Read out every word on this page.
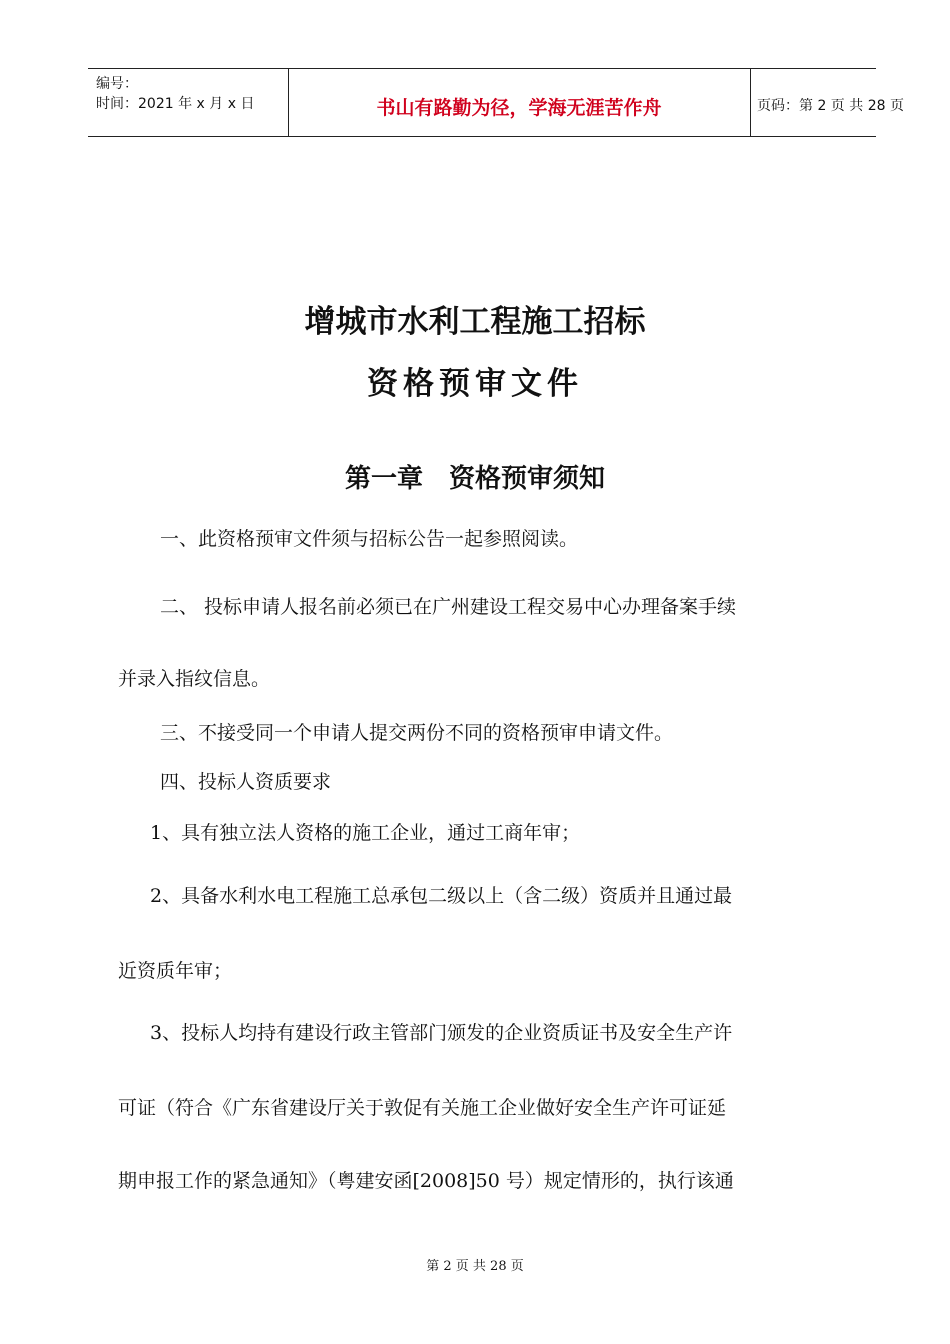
编号：
时间：2021 年 x 月 x 日	书山有路勤为径，学海无涯苦作舟	页码：第 2 页 共 28 页
增城市水利工程施工招标
资格预审文件
第一章　资格预审须知
一、此资格预审文件须与招标公告一起参照阅读。
二、 投标申请人报名前必须已在广州建设工程交易中心办理备案手续
并录入指纹信息。
三、不接受同一个申请人提交两份不同的资格预审申请文件。
四、投标人资质要求
1、具有独立法人资格的施工企业，通过工商年审；
2、具备水利水电工程施工总承包二级以上（含二级）资质并且通过最
近资质年审；
3、投标人均持有建设行政主管部门颁发的企业资质证书及安全生产许
可证（符合《广东省建设厅关于敦促有关施工企业做好安全生产许可证延
期申报工作的紧急通知》（粤建安函[2008]50 号）规定情形的，执行该通
第 2 页 共 28 页
